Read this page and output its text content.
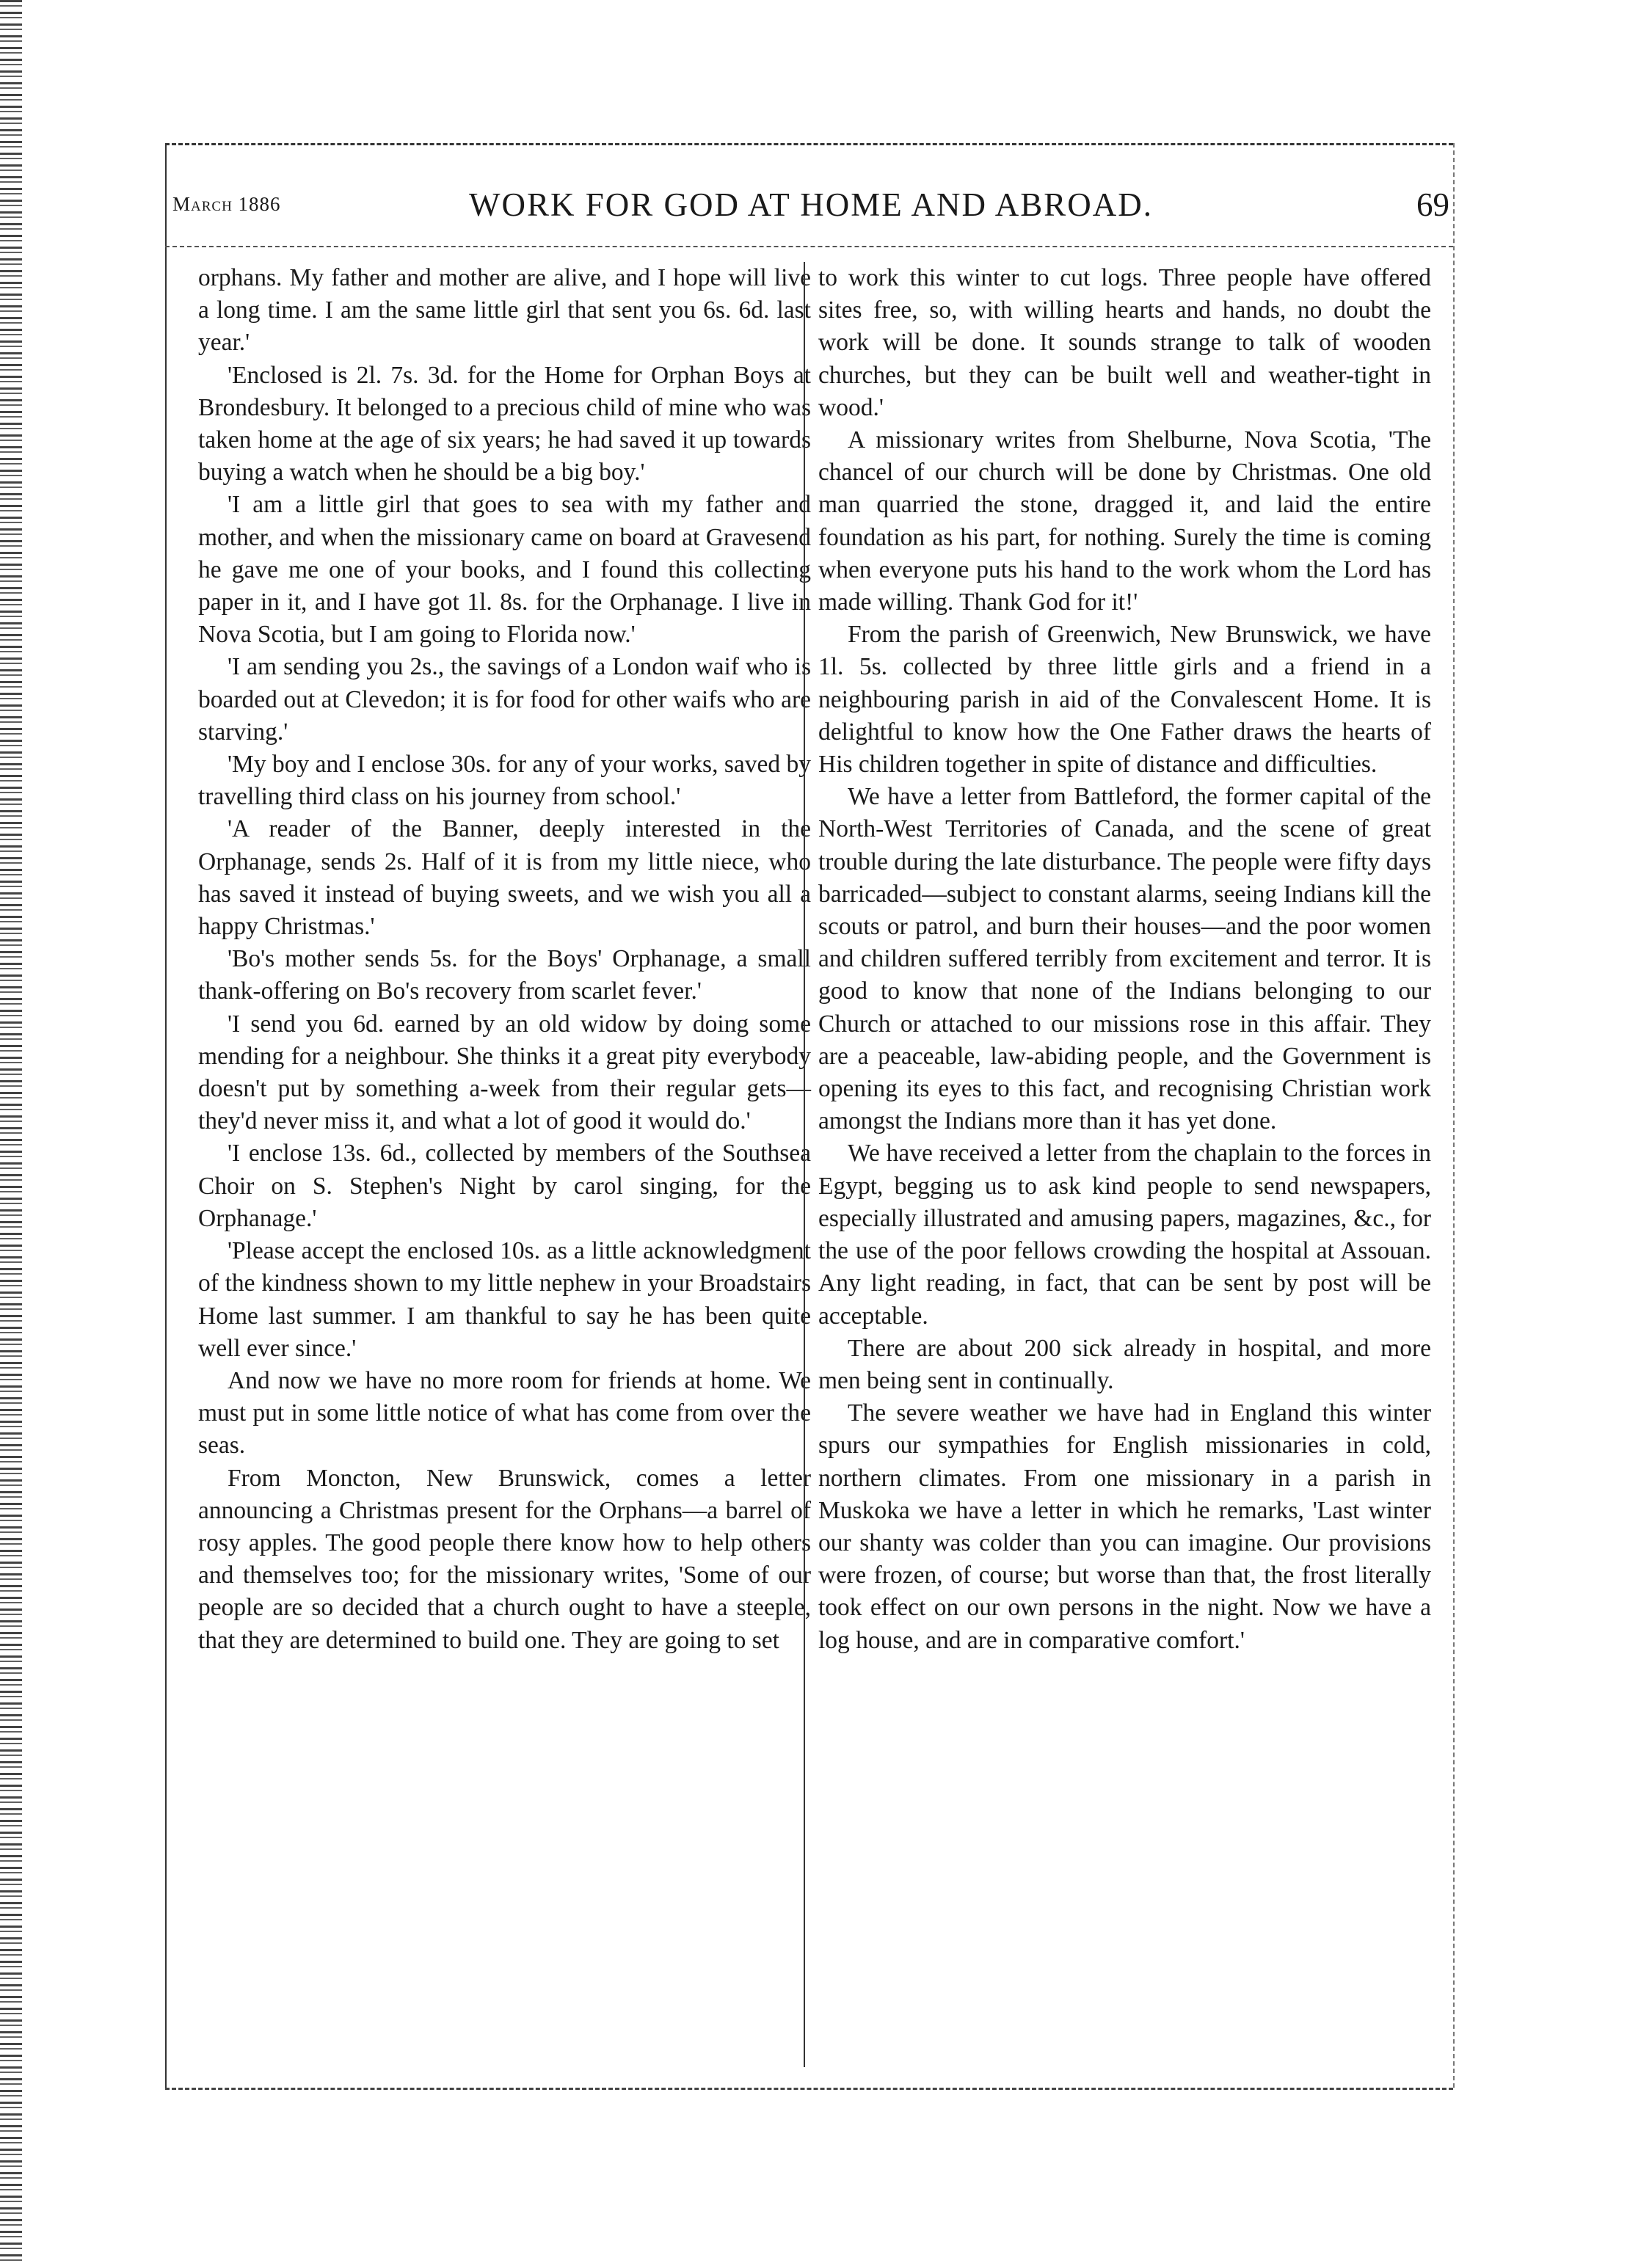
March 1886	WORK FOR GOD AT HOME AND ABROAD.	69

orphans. My father and mother are alive, and I hope will live a long time. I am the same little girl that sent you 6s. 6d. last year.'

'Enclosed is 2l. 7s. 3d. for the Home for Orphan Boys at Brondesbury. It belonged to a precious child of mine who was taken home at the age of six years; he had saved it up towards buying a watch when he should be a big boy.'

'I am a little girl that goes to sea with my father and mother, and when the missionary came on board at Gravesend he gave me one of your books, and I found this collecting paper in it, and I have got 1l. 8s. for the Orphanage. I live in Nova Scotia, but I am going to Florida now.'

'I am sending you 2s., the savings of a London waif who is boarded out at Clevedon; it is for food for other waifs who are starving.'

'My boy and I enclose 30s. for any of your works, saved by travelling third class on his journey from school.'

'A reader of the Banner, deeply interested in the Orphanage, sends 2s. Half of it is from my little niece, who has saved it instead of buying sweets, and we wish you all a happy Christmas.'

'Bo's mother sends 5s. for the Boys' Orphanage, a small thank-offering on Bo's recovery from scarlet fever.'

'I send you 6d. earned by an old widow by doing some mending for a neighbour. She thinks it a great pity everybody doesn't put by something a-week from their regular gets—they'd never miss it, and what a lot of good it would do.'

'I enclose 13s. 6d., collected by members of the Southsea Choir on S. Stephen's Night by carol singing, for the Orphanage.'

'Please accept the enclosed 10s. as a little acknowledgment of the kindness shown to my little nephew in your Broadstairs Home last summer. I am thankful to say he has been quite well ever since.'

And now we have no more room for friends at home. We must put in some little notice of what has come from over the seas.

From Moncton, New Brunswick, comes a letter announcing a Christmas present for the Orphans—a barrel of rosy apples. The good people there know how to help others and themselves too; for the missionary writes, 'Some of our people are so decided that a church ought to have a steeple, that they are determined to build one. They are going to set

to work this winter to cut logs. Three people have offered sites free, so, with willing hearts and hands, no doubt the work will be done. It sounds strange to talk of wooden churches, but they can be built well and weather-tight in wood.'

A missionary writes from Shelburne, Nova Scotia, 'The chancel of our church will be done by Christmas. One old man quarried the stone, dragged it, and laid the entire foundation as his part, for nothing. Surely the time is coming when everyone puts his hand to the work whom the Lord has made willing. Thank God for it!'

From the parish of Greenwich, New Brunswick, we have 1l. 5s. collected by three little girls and a friend in a neighbouring parish in aid of the Convalescent Home. It is delightful to know how the One Father draws the hearts of His children together in spite of distance and difficulties.

We have a letter from Battleford, the former capital of the North-West Territories of Canada, and the scene of great trouble during the late disturbance. The people were fifty days barricaded—subject to constant alarms, seeing Indians kill the scouts or patrol, and burn their houses—and the poor women and children suffered terribly from excitement and terror. It is good to know that none of the Indians belonging to our Church or attached to our missions rose in this affair. They are a peaceable, law-abiding people, and the Government is opening its eyes to this fact, and recognising Christian work amongst the Indians more than it has yet done.

We have received a letter from the chaplain to the forces in Egypt, begging us to ask kind people to send newspapers, especially illustrated and amusing papers, magazines, &c., for the use of the poor fellows crowding the hospital at Assouan. Any light reading, in fact, that can be sent by post will be acceptable.

There are about 200 sick already in hospital, and more men being sent in continually.

The severe weather we have had in England this winter spurs our sympathies for English missionaries in cold, northern climates. From one missionary in a parish in Muskoka we have a letter in which he remarks, 'Last winter our shanty was colder than you can imagine. Our provisions were frozen, of course; but worse than that, the frost literally took effect on our own persons in the night. Now we have a log house, and are in comparative comfort.'
